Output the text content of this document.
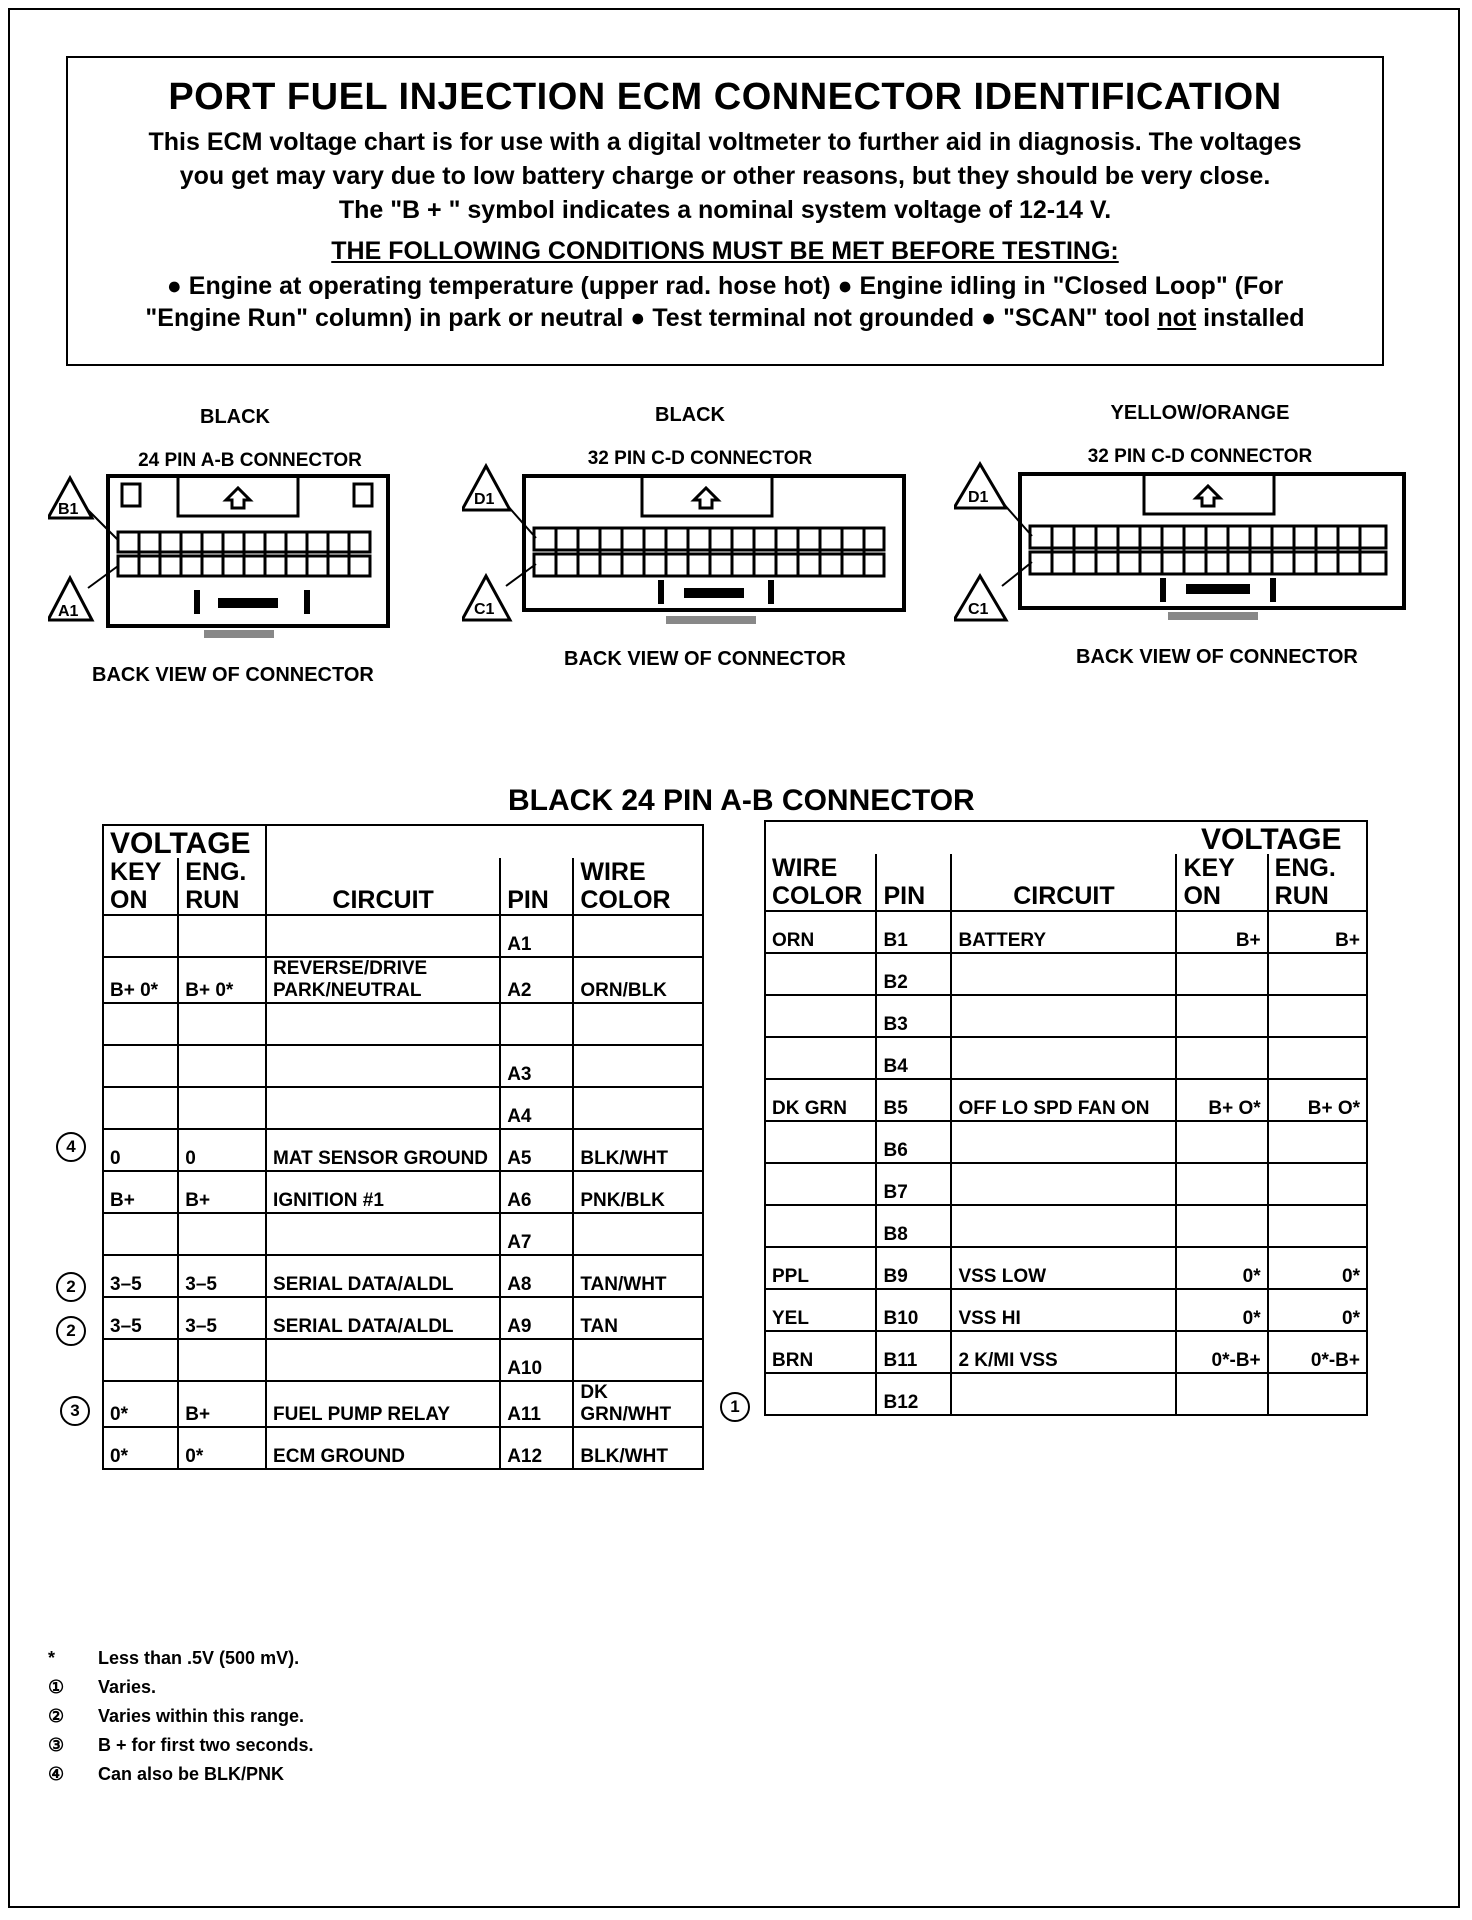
PORT FUEL INJECTION ECM CONNECTOR IDENTIFICATION
This ECM voltage chart is for use with a digital voltmeter to further aid in diagnosis. The voltages
you get may vary due to low battery charge or other reasons, but they should be very close.
The "B + " symbol indicates a nominal system voltage of 12-14 V.
THE FOLLOWING CONDITIONS MUST BE MET BEFORE TESTING:
● Engine at operating temperature (upper rad. hose hot) ● Engine idling in "Closed Loop" (For
"Engine Run" column) in park or neutral ● Test terminal not grounded ● "SCAN" tool not installed
BLACK
24 PIN A-B CONNECTOR
B1
A1
BACK VIEW OF CONNECTOR
BLACK
32 PIN C-D CONNECTOR
D1
C1
BACK VIEW OF CONNECTOR
YELLOW/ORANGE
32 PIN C-D CONNECTOR
D1
C1
BACK VIEW OF CONNECTOR
BLACK 24 PIN A-B CONNECTOR
VOLTAGE				
KEY ON	ENG. RUN	CIRCUIT	PIN	WIRE COLOR
			A1	
B+ 0*	B+ 0*	REVERSE/DRIVE PARK/NEUTRAL	A2	ORN/BLK

			A3	
			A4	
0	0	MAT SENSOR GROUND	A5	BLK/WHT
B+	B+	IGNITION #1	A6	PNK/BLK
			A7	
3–5	3–5	SERIAL DATA/ALDL	A8	TAN/WHT
3–5	3–5	SERIAL DATA/ALDL	A9	TAN
			A10	
0*	B+	FUEL PUMP RELAY	A11	DK GRN/WHT
0*	0*	ECM GROUND	A12	BLK/WHT
			VOLTAGE	
WIRE COLOR	PIN	CIRCUIT	KEY ON	ENG. RUN
ORN	B1	BATTERY	B+	B+
	B2			
	B3			
	B4			
DK GRN	B5	OFF LO SPD FAN ON	B+ O*	B+ O*
	B6			
	B7			
	B8			
PPL	B9	VSS LOW	0*	0*
YEL	B10	VSS HI	0*	0*
BRN	B11	2 K/MI VSS	0*-B+	0*-B+
	B12			
4
2
2
3	1
* Less than .5V (500 mV).
① Varies.
② Varies within this range.
③ B + for first two seconds.
④ Can also be BLK/PNK
